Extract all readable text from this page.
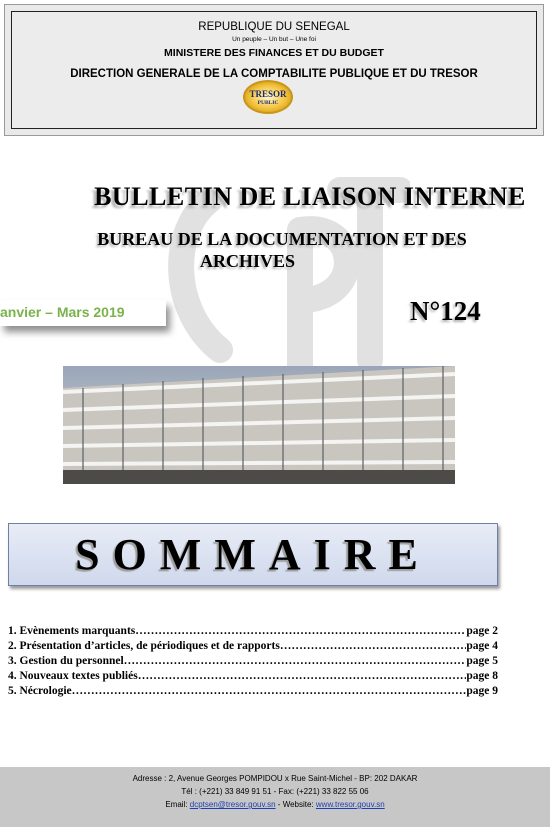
REPUBLIQUE DU SENEGAL
Un peuple – Un but – Une foi
MINISTERE DES FINANCES ET DU BUDGET
DIRECTION GENERALE DE LA COMPTABILITE PUBLIQUE ET DU TRESOR
TRESOR
PUBLIC
BULLETIN DE LIAISON INTERNE
BUREAU DE LA DOCUMENTATION ET DES
ARCHIVES
anvier – Mars 2019	N°124
SOMMAIRE
1. Evènements marquants …………………………………………………………………………………………………………………………………	page 2
2. Présentation d’articles, de périodiques et de rapports …………………………………………………………………………………………………………………………………	page 4
3. Gestion du personnel …………………………………………………………………………………………………………………………………	page 5
4. Nouveaux textes publiés …………………………………………………………………………………………………………………………………	page 8
5. Nécrologie …………………………………………………………………………………………………………………………………	page 9
Adresse : 2, Avenue Georges POMPIDOU x Rue Saint-Michel - BP: 202 DAKAR
Tél : (+221) 33 849 91 51 - Fax: (+221) 33 822 55 06
Email: dcptsen@tresor.gouv.sn - Website: www.tresor.gouv.sn
